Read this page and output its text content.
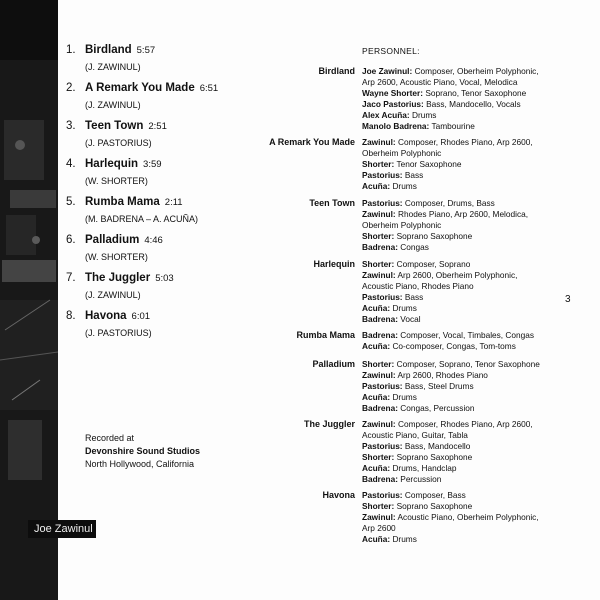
Joe Zawinul
1. Birdland 5:57
(J. ZAWINUL)
2. A Remark You Made 6:51
(J. ZAWINUL)
3. Teen Town 2:51
(J. PASTORIUS)
4. Harlequin 3:59
(W. SHORTER)
5. Rumba Mama 2:11
(M. BADRENA – A. ACUÑA)
6. Palladium 4:46
(W. SHORTER)
7. The Juggler 5:03
(J. ZAWINUL)
8. Havona 6:01
(J. PASTORIUS)
Recorded at
Devonshire Sound Studios
North Hollywood, California
3
PERSONNEL:
Birdland Joe Zawinul: Composer, Oberheim Polyphonic,
Arp 2600, Acoustic Piano, Vocal, Melodica
Wayne Shorter: Soprano, Tenor Saxophone
Jaco Pastorius: Bass, Mandocello, Vocals
Alex Acuña: Drums
Manolo Badrena: Tambourine
A Remark You Made Zawinul: Composer, Rhodes Piano, Arp 2600,
Oberheim Polyphonic
Shorter: Tenor Saxophone
Pastorius: Bass
Acuña: Drums
Teen Town Pastorius: Composer, Drums, Bass
Zawinul: Rhodes Piano, Arp 2600, Melodica,
Oberheim Polyphonic
Shorter: Soprano Saxophone
Badrena: Congas
Harlequin Shorter: Composer, Soprano
Zawinul: Arp 2600, Oberheim Polyphonic,
Acoustic Piano, Rhodes Piano
Pastorius: Bass
Acuña: Drums
Badrena: Vocal
Rumba Mama Badrena: Composer, Vocal, Timbales, Congas
Acuña: Co-composer, Congas, Tom-toms
Palladium Shorter: Composer, Soprano, Tenor Saxophone
Zawinul: Arp 2600, Rhodes Piano
Pastorius: Bass, Steel Drums
Acuña: Drums
Badrena: Congas, Percussion
The Juggler Zawinul: Composer, Rhodes Piano, Arp 2600,
Acoustic Piano, Guitar, Tabla
Pastorius: Bass, Mandocello
Shorter: Soprano Saxophone
Acuña: Drums, Handclap
Badrena: Percussion
Havona Pastorius: Composer, Bass
Shorter: Soprano Saxophone
Zawinul: Acoustic Piano, Oberheim Polyphonic,
Arp 2600
Acuña: Drums
